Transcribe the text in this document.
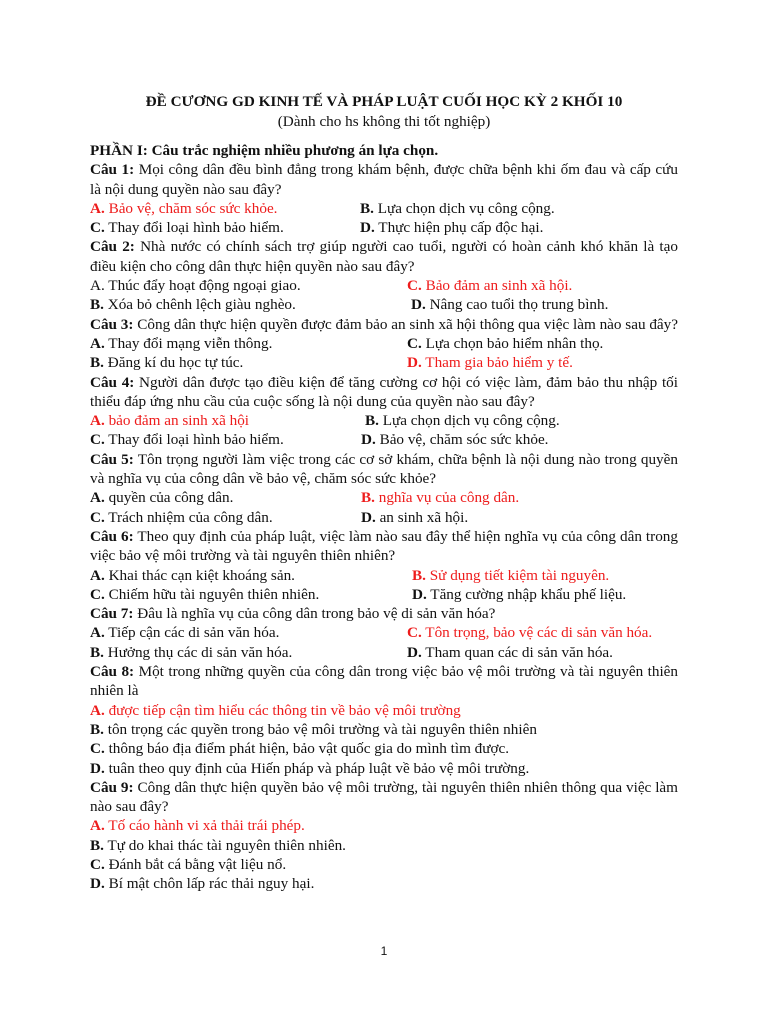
ĐỀ CƯƠNG GD KINH TẾ VÀ PHÁP LUẬT CUỐI HỌC KỲ 2 KHỐI 10
(Dành cho hs không thi tốt nghiệp)
PHẦN I: Câu trắc nghiệm nhiều phương án lựa chọn.
Câu 1: Mọi công dân đều bình đẳng trong khám bệnh, được chữa bệnh khi ốm đau và cấp cứu là nội dung quyền nào sau đây?
A. Bảo vệ, chăm sóc sức khỏe.	B. Lựa chọn dịch vụ công cộng.
C. Thay đổi loại hình bảo hiểm.	D. Thực hiện phụ cấp độc hại.
Câu 2: Nhà nước có chính sách trợ giúp người cao tuổi, người có hoàn cảnh khó khăn là tạo điều kiện cho công dân thực hiện quyền nào sau đây?
A. Thúc đẩy hoạt động ngoại giao.	C. Bảo đảm an sinh xã hội.
B. Xóa bỏ chênh lệch giàu nghèo.	D. Nâng cao tuổi thọ trung bình.
Câu 3: Công dân thực hiện quyền được đảm bảo an sinh xã hội thông qua việc làm nào sau đây?
A. Thay đổi mạng viễn thông.	C. Lựa chọn bảo hiểm nhân thọ.
B. Đăng kí du học tự túc.	D. Tham gia bảo hiểm y tế.
Câu 4: Người dân được tạo điều kiện để tăng cường cơ hội có việc làm, đảm bảo thu nhập tối thiểu đáp ứng nhu cầu của cuộc sống là nội dung của quyền nào sau đây?
A. bảo đảm an sinh xã hội	B. Lựa chọn dịch vụ công cộng.
C. Thay đổi loại hình bảo hiểm.	D. Bảo vệ, chăm sóc sức khỏe.
Câu 5: Tôn trọng người làm việc trong các cơ sở khám, chữa bệnh là nội dung nào trong quyền và nghĩa vụ của công dân về bảo vệ, chăm sóc sức khỏe?
A. quyền của công dân.	B. nghĩa vụ của công dân.
C. Trách nhiệm của công dân.	D. an sinh xã hội.
Câu 6: Theo quy định của pháp luật, việc làm nào sau đây thể hiện nghĩa vụ của công dân trong việc bảo vệ môi trường và tài nguyên thiên nhiên?
A. Khai thác cạn kiệt khoáng sản.	B. Sử dụng tiết kiệm tài nguyên.
C. Chiếm hữu tài nguyên thiên nhiên.	D. Tăng cường nhập khẩu phế liệu.
Câu 7: Đâu là nghĩa vụ của công dân trong bảo vệ di sản văn hóa?
A. Tiếp cận các di sản văn hóa.	C. Tôn trọng, bảo vệ các di sản văn hóa.
B. Hưởng thụ các di sản văn hóa.	D. Tham quan các di sản văn hóa.
Câu 8: Một trong những quyền của công dân trong việc bảo vệ môi trường và tài nguyên thiên nhiên là
A. được tiếp cận tìm hiểu các thông tin về bảo vệ môi trường
B. tôn trọng các quyền trong bảo vệ môi trường và tài nguyên thiên nhiên
C. thông báo địa điểm phát hiện, bảo vật quốc gia do mình tìm được.
D. tuân theo quy định của Hiến pháp và pháp luật về bảo vệ môi trường.
Câu 9: Công dân thực hiện quyền bảo vệ môi trường, tài nguyên thiên nhiên thông qua việc làm nào sau đây?
A. Tố cáo hành vi xả thải trái phép.
B. Tự do khai thác tài nguyên thiên nhiên.
C. Đánh bắt cá bằng vật liệu nổ.
D. Bí mật chôn lấp rác thải nguy hại.
1
